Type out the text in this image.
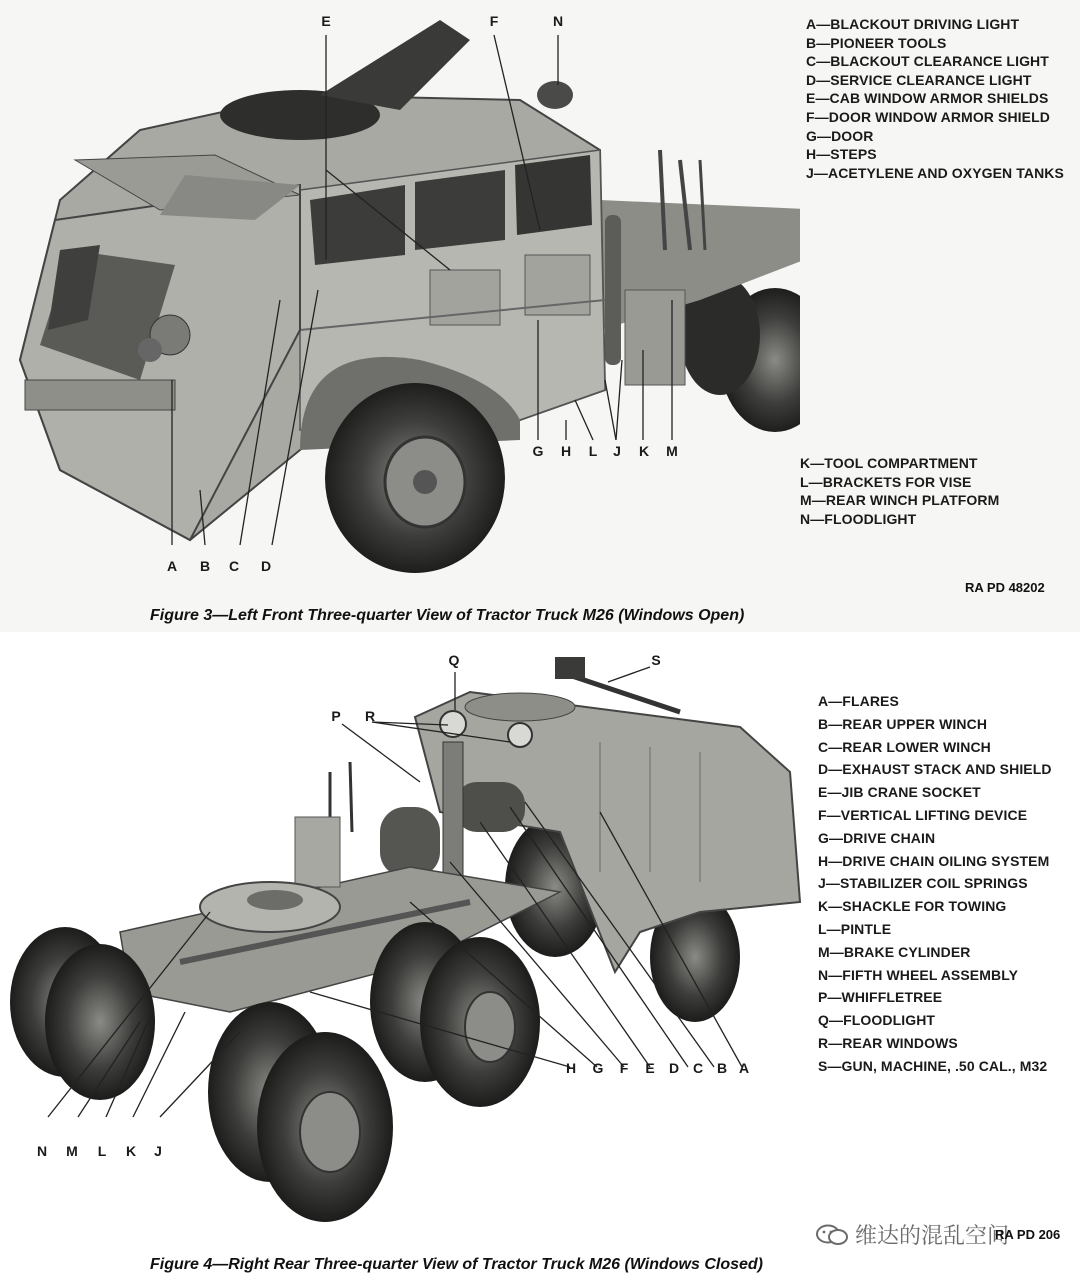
E	F	N
G	H	L	J	K	M
A	B	C	D
A—BLACKOUT DRIVING LIGHT
B—PIONEER TOOLS
C—BLACKOUT CLEARANCE LIGHT
D—SERVICE CLEARANCE LIGHT
E—CAB WINDOW ARMOR SHIELDS
F—DOOR WINDOW ARMOR SHIELD
G—DOOR
H—STEPS
J—ACETYLENE AND OXYGEN TANKS
K—TOOL COMPARTMENT
L—BRACKETS FOR VISE
M—REAR WINCH PLATFORM
N—FLOODLIGHT
RA PD 48202
Figure 3—Left Front Three-quarter View of Tractor Truck M26 (Windows Open)
Q	S
P	R
H	G	F	E	D C B A
N	M	L	K	J
A—FLARES
B—REAR UPPER WINCH
C—REAR LOWER WINCH
D—EXHAUST STACK AND SHIELD
E—JIB CRANE SOCKET
F—VERTICAL LIFTING DEVICE
G—DRIVE CHAIN
H—DRIVE CHAIN OILING SYSTEM
J—STABILIZER COIL SPRINGS
K—SHACKLE FOR TOWING
L—PINTLE
M—BRAKE CYLINDER
N—FIFTH WHEEL ASSEMBLY
P—WHIFFLETREE
Q—FLOODLIGHT
R—REAR WINDOWS
S—GUN, MACHINE, .50 CAL., M32
维达的混乱空间
RA PD 206
Figure 4—Right Rear Three-quarter View of Tractor Truck M26 (Windows Closed)
